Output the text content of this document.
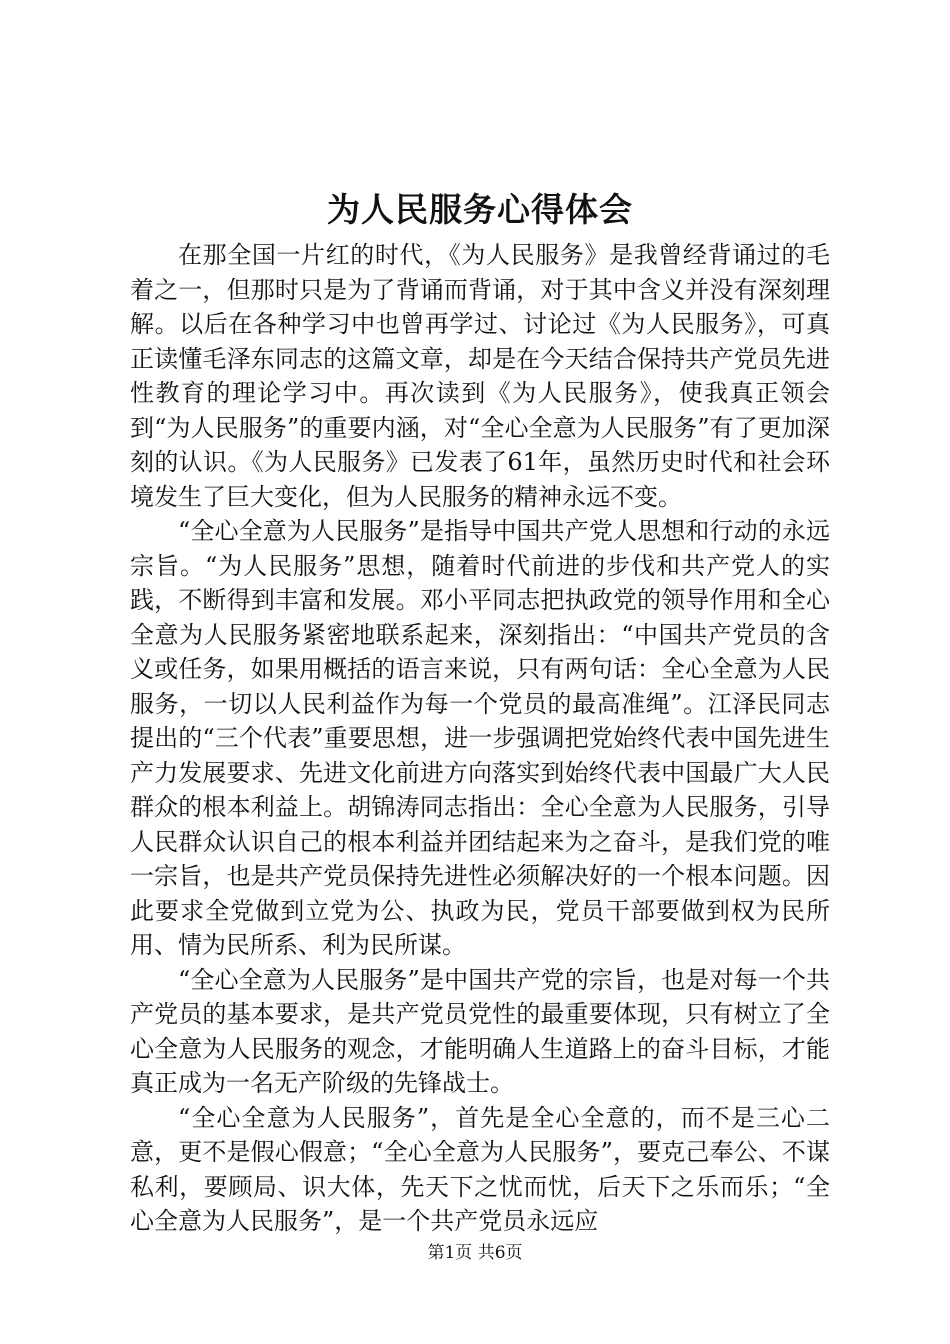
为人民服务心得体会

在那全国一片红的时代，《为人民服务》是我曾经背诵过的毛着之一，但那时只是为了背诵而背诵，对于其中含义并没有深刻理解。以后在各种学习中也曾再学过、讨论过《为人民服务》，可真正读懂毛泽东同志的这篇文章，却是在今天结合保持共产党员先进性教育的理论学习中。再次读到《为人民服务》，使我真正领会到“为人民服务”的重要内涵，对“全心全意为人民服务”有了更加深刻的认识。《为人民服务》已发表了61年，虽然历史时代和社会环境发生了巨大变化，但为人民服务的精神永远不变。

“全心全意为人民服务”是指导中国共产党人思想和行动的永远宗旨。“为人民服务”思想，随着时代前进的步伐和共产党人的实践，不断得到丰富和发展。邓小平同志把执政党的领导作用和全心全意为人民服务紧密地联系起来，深刻指出：“中国共产党员的含义或任务，如果用概括的语言来说，只有两句话：全心全意为人民服务，一切以人民利益作为每一个党员的最高准绳”。江泽民同志提出的“三个代表”重要思想，进一步强调把党始终代表中国先进生产力发展要求、先进文化前进方向落实到始终代表中国最广大人民群众的根本利益上。胡锦涛同志指出：全心全意为人民服务，引导人民群众认识自己的根本利益并团结起来为之奋斗，是我们党的唯一宗旨，也是共产党员保持先进性必须解决好的一个根本问题。因此要求全党做到立党为公、执政为民，党员干部要做到权为民所用、情为民所系、利为民所谋。

“全心全意为人民服务”是中国共产党的宗旨，也是对每一个共产党员的基本要求，是共产党员党性的最重要体现，只有树立了全心全意为人民服务的观念，才能明确人生道路上的奋斗目标，才能真正成为一名无产阶级的先锋战士。

“全心全意为人民服务”，首先是全心全意的，而不是三心二意，更不是假心假意；“全心全意为人民服务”，要克己奉公、不谋私利，要顾局、识大体，先天下之忧而忧，后天下之乐而乐；“全心全意为人民服务”，是一个共产党员永远应

第1页 共6页
